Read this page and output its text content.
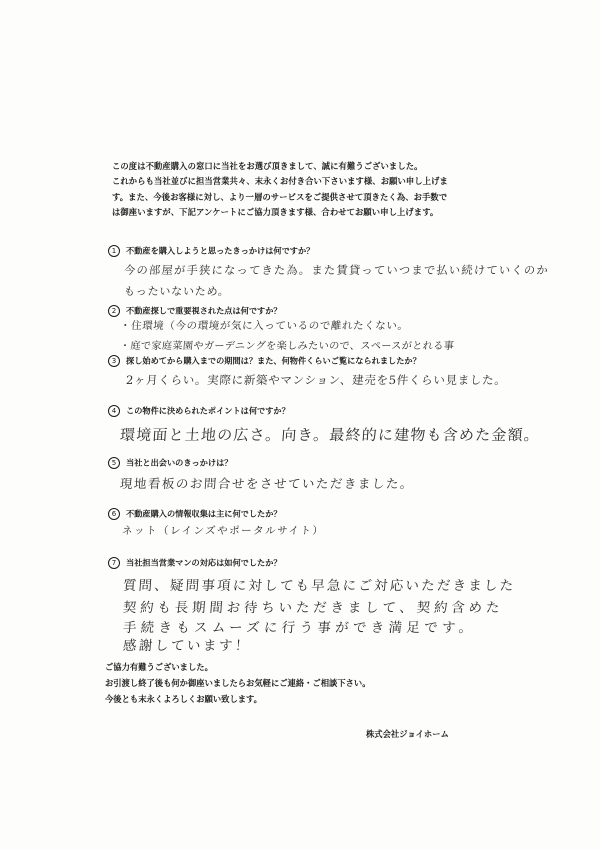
この度は不動産購入の窓口に当社をお選び頂きまして、誠に有難うございました。

これからも当社並びに担当営業共々、末永くお付き合い下さいます様、お願い申し上げま

す。また、今後お客様に対し、より一層のサービスをご提供させて頂きたく為、お手数で

は御座いますが、下記アンケートにご協力頂きます様、合わせてお願い申し上げます。

1 不動産を購入しようと思ったきっかけは何ですか？
今の部屋が手狭になってきた為。また賃貸っていつまで払い続けていくのか
もったいないため。
2 不動産探しで重要視された点は何ですか？
・住環境（今の環境が気に入っているので離れたくない。
・庭で家庭菜園やガーデニングを楽しみたいので、スペースがとれる事
3 探し始めてから購入までの期間は？また、何物件くらいご覧になられましたか？
2ヶ月くらい。実際に新築やマンション、建売を5件くらい見ました。
4 この物件に決められたポイントは何ですか？
環境面と土地の広さ。向き。最終的に建物も含めた金額。
5 当社と出会いのきっかけは？
現地看板のお問合せをさせていただきました。
6 不動産購入の情報収集は主に何でしたか？
ネット（レインズやポータルサイト）
7 当社担当営業マンの対応は如何でしたか？
質問、疑問事項に対しても早急にご対応いただきました
契約も長期間お待ちいただきまして、契約含めた
手続きもスムーズに行う事ができ満足です。
感謝しています！

ご協力有難うございました。

お引渡し終了後も何か御座いましたらお気軽にご連絡・ご相談下さい。

今後とも末永くよろしくお願い致します。

株式会社ジョイホーム
